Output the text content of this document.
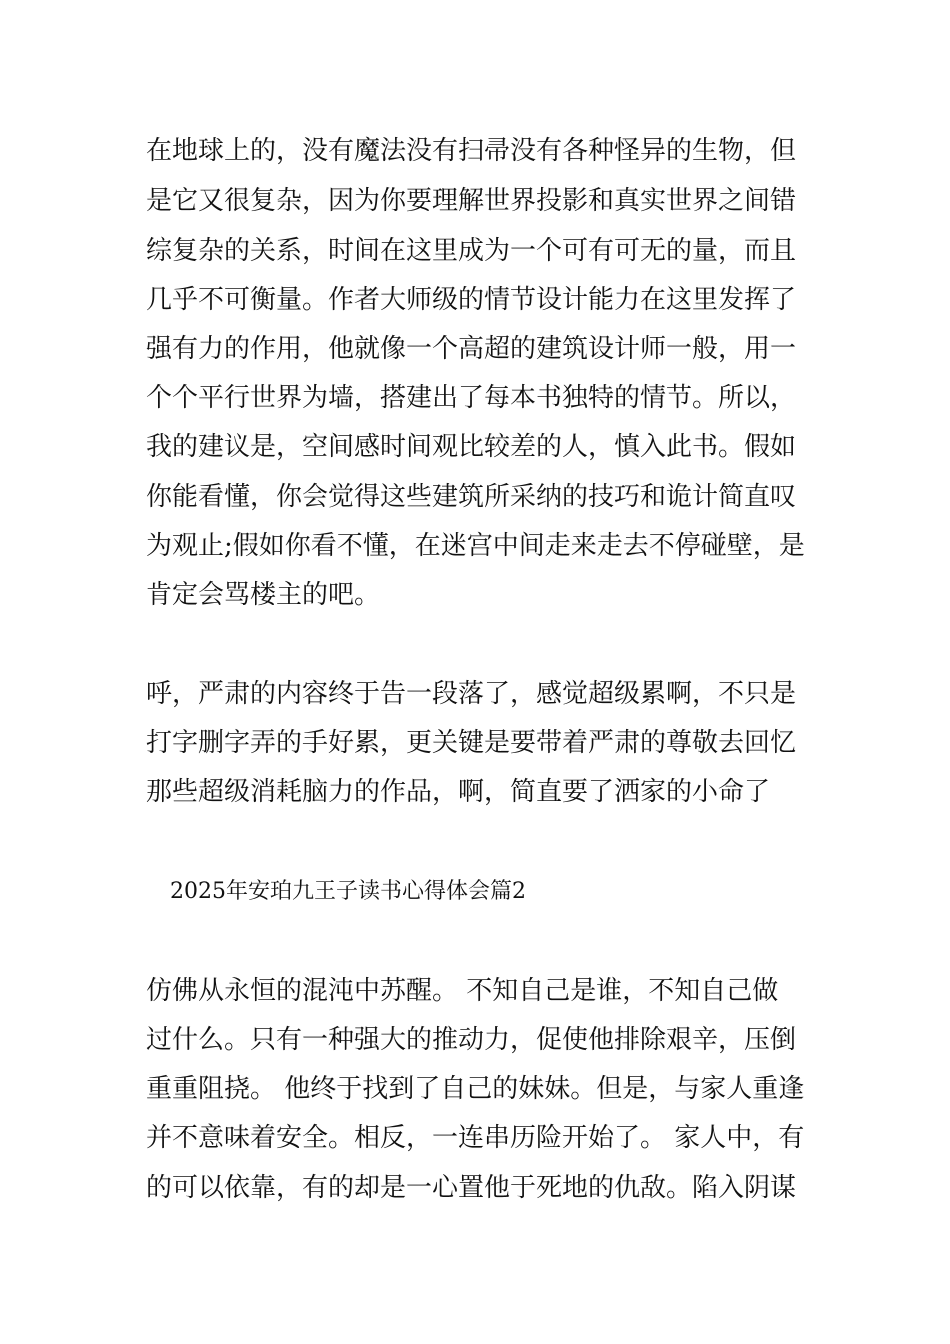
在地球上的，没有魔法没有扫帚没有各种怪异的生物，但
是它又很复杂，因为你要理解世界投影和真实世界之间错
综复杂的关系，时间在这里成为一个可有可无的量，而且
几乎不可衡量。作者大师级的情节设计能力在这里发挥了
强有力的作用，他就像一个高超的建筑设计师一般，用一
个个平行世界为墙，搭建出了每本书独特的情节。所以，
我的建议是，空间感时间观比较差的人，慎入此书。假如
你能看懂，你会觉得这些建筑所采纳的技巧和诡计简直叹
为观止;假如你看不懂，在迷宫中间走来走去不停碰壁，是
肯定会骂楼主的吧。
呼，严肃的内容终于告一段落了，感觉超级累啊，不只是
打字删字弄的手好累，更关键是要带着严肃的尊敬去回忆
那些超级消耗脑力的作品，啊，简直要了洒家的小命了
2025年安珀九王子读书心得体会篇2
仿佛从永恒的混沌中苏醒。 不知自己是谁，不知自己做
过什么。只有一种强大的推动力，促使他排除艰辛，压倒
重重阻挠。 他终于找到了自己的妹妹。但是，与家人重逢
并不意味着安全。相反，一连串历险开始了。 家人中，有
的可以依靠，有的却是一心置他于死地的仇敌。陷入阴谋
